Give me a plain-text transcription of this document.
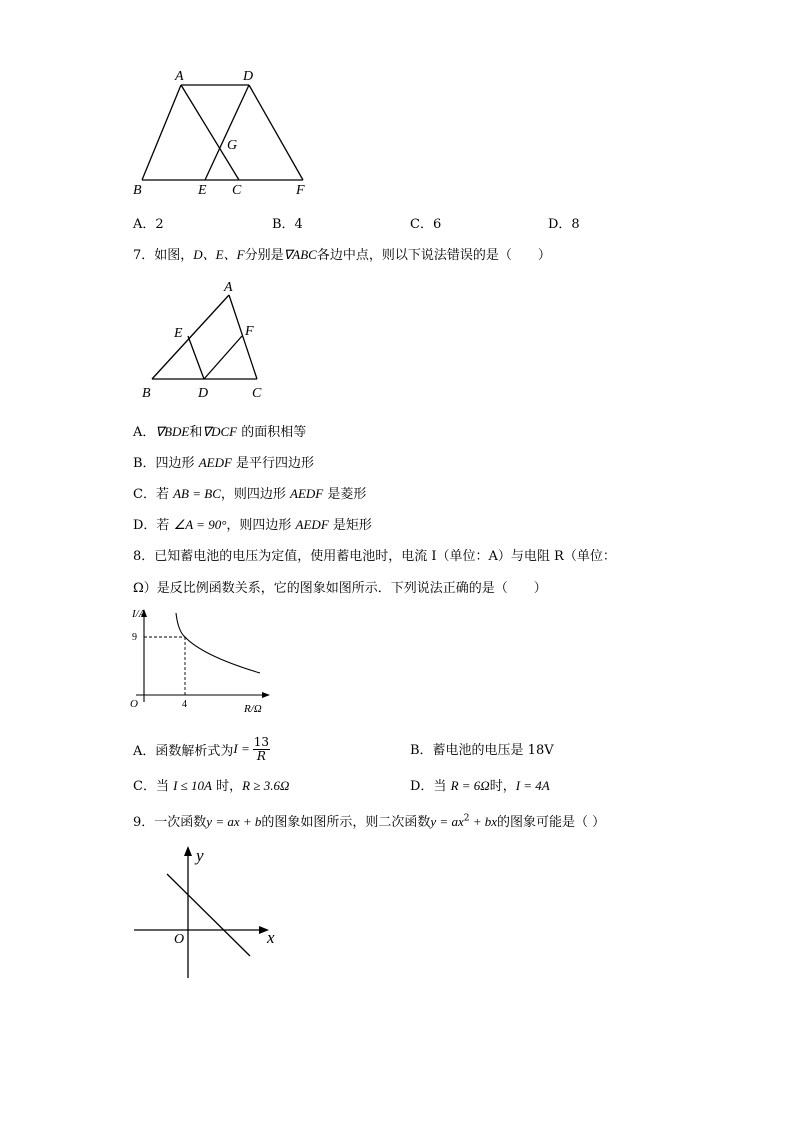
A	D
G
B	E C	F
A．2	B．4	C．6	D．8
7．如图，D、E、F分别是∇ABC各边中点，则以下说法错误的是（　　）
A
E	F
B	D	C
A．∇BDE和∇DCF 的面积相等
B．四边形 AEDF 是平行四边形
C．若 AB = BC，则四边形 AEDF 是菱形
D．若 ∠A = 90°，则四边形 AEDF 是矩形
8．已知蓄电池的电压为定值，使用蓄电池时，电流 I（单位：A）与电阻 R（单位：
Ω）是反比例函数关系，它的图象如图所示．下列说法正确的是（　　）
I/A
9
O	4	R/Ω
A．函数解析式为 $I = \frac{13}{R}$	B．蓄电池的电压是 18V
C．当 I ≤ 10A 时，R ≥ 3.6Ω	D．当 R = 6Ω时，I = 4A
9．一次函数y = ax + b的图象如图所示，则二次函数$y = ax^2$ + bx的图象可能是（ ）
y
x
O
